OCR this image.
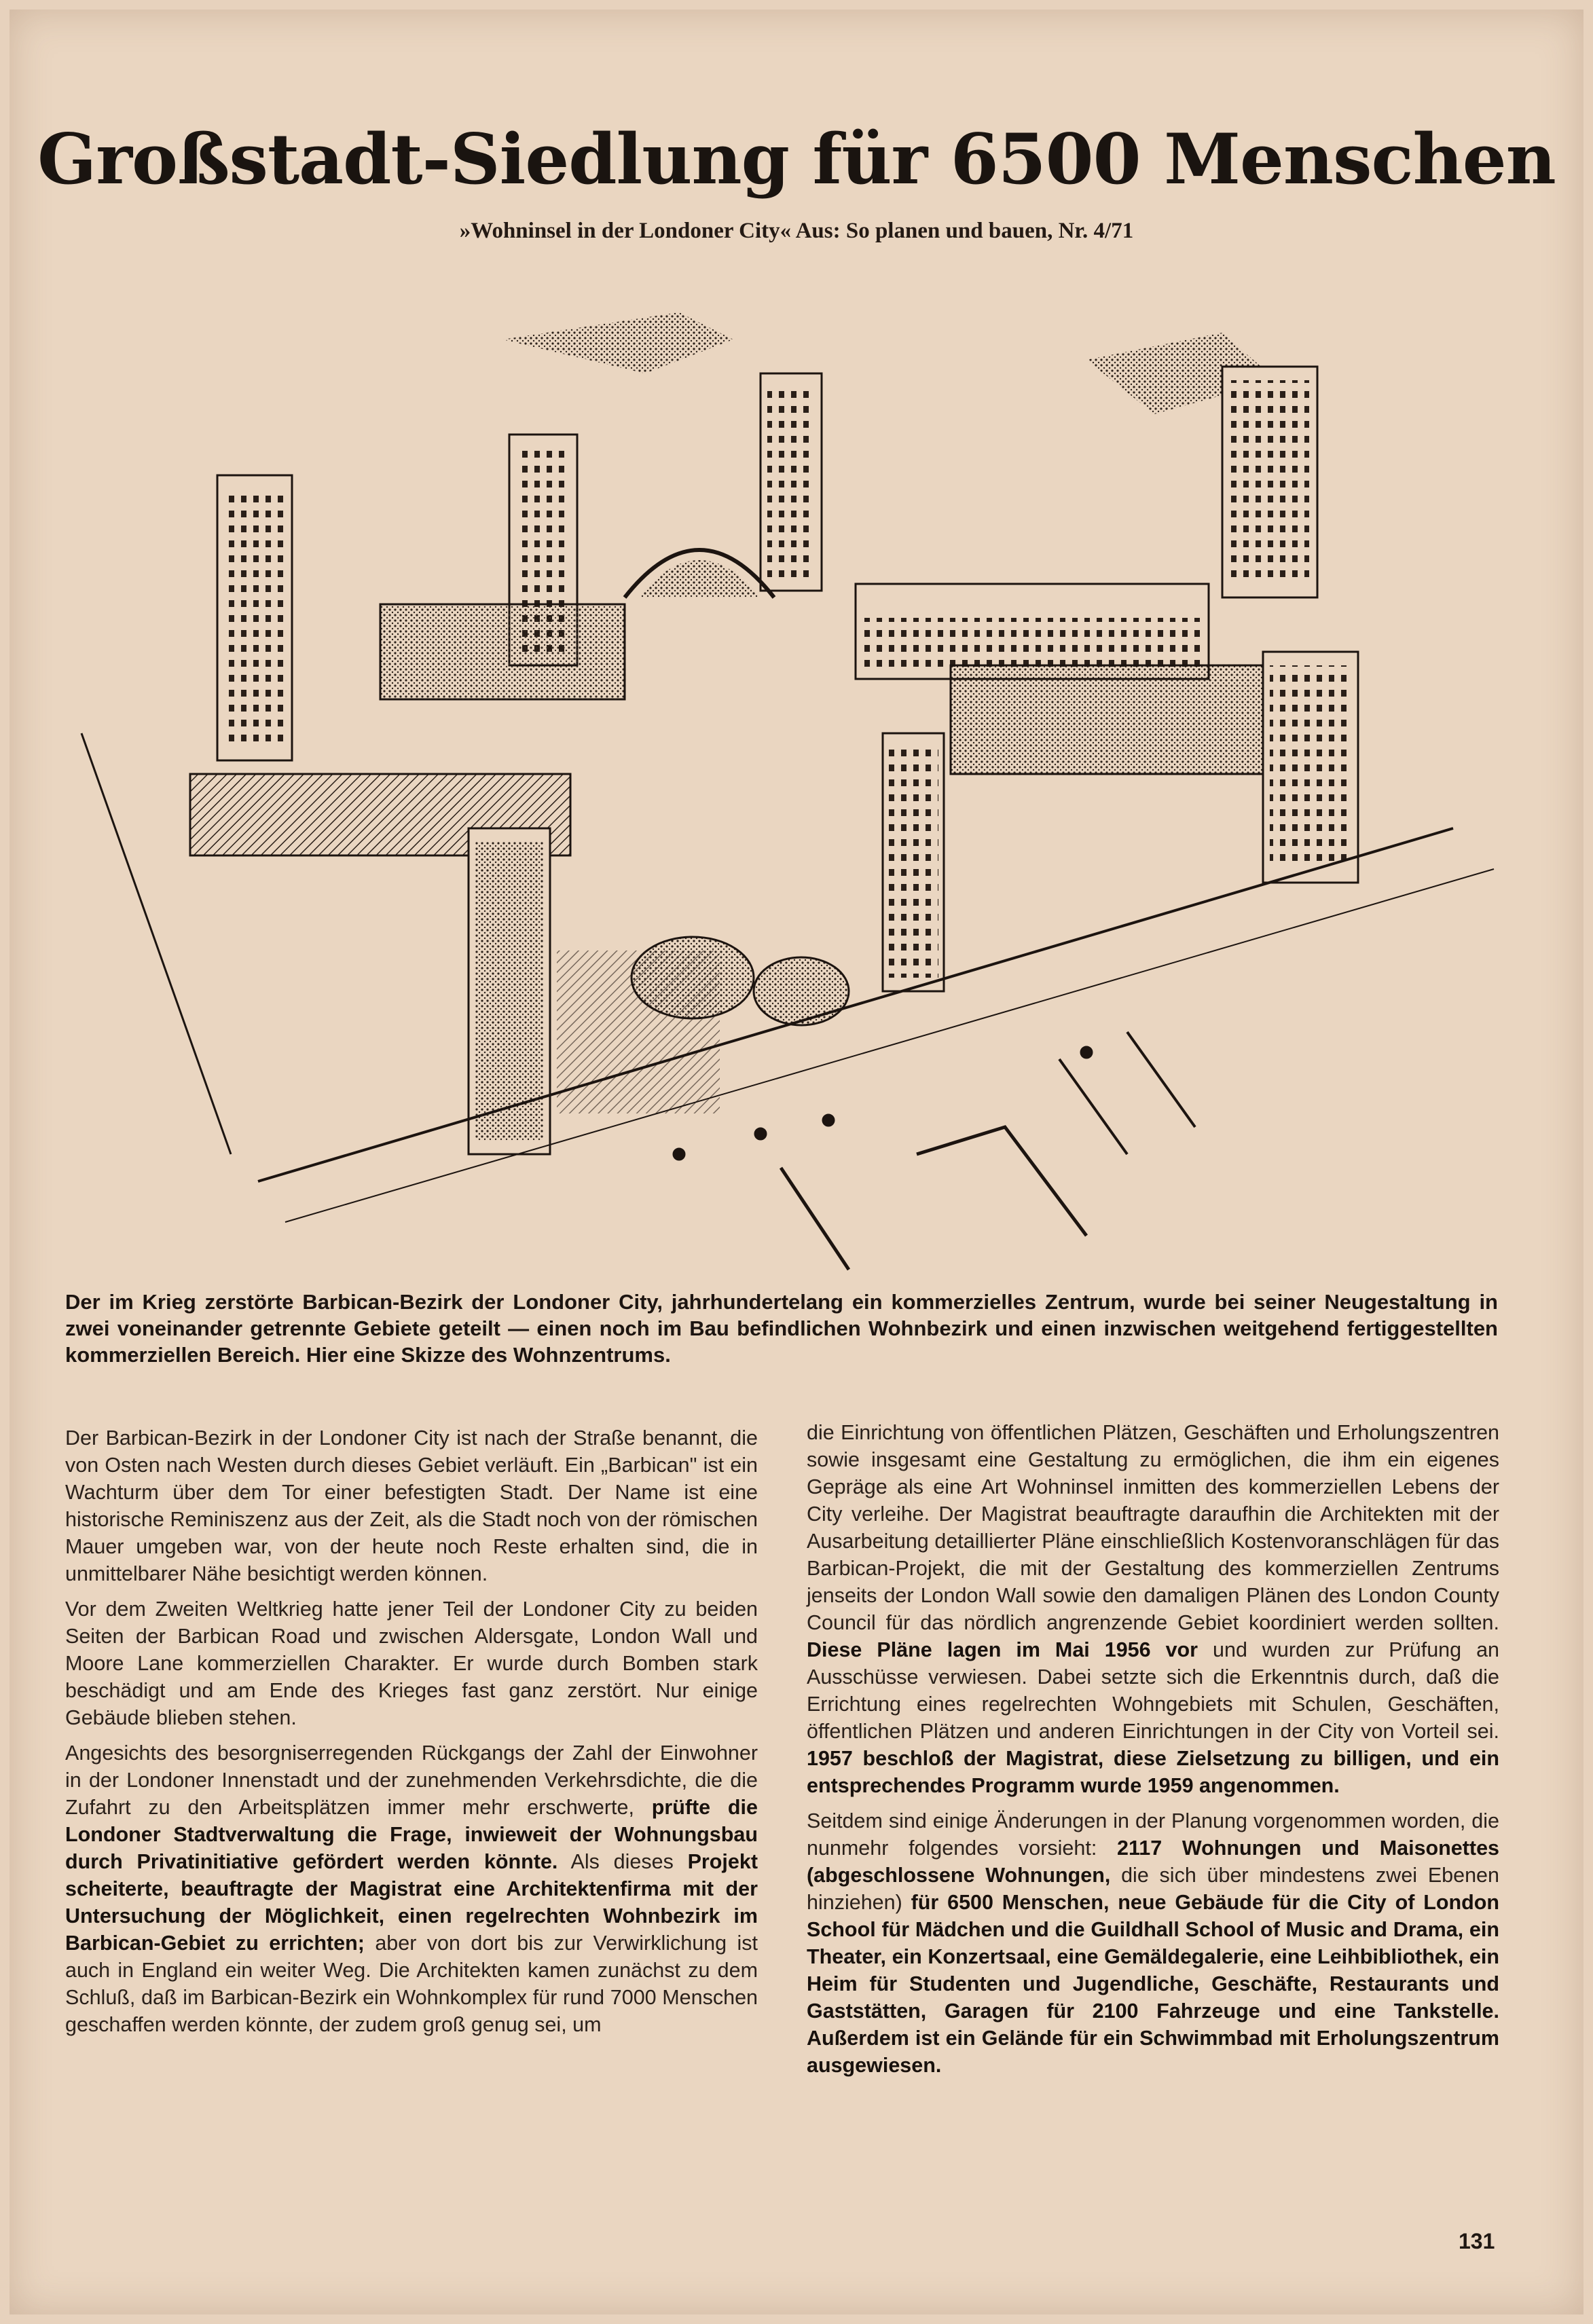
Großstadt-Siedlung für 6500 Menschen
»Wohninsel in der Londoner City« Aus: So planen und bauen, Nr. 4/71
Der im Krieg zerstörte Barbican-Bezirk der Londoner City, jahrhundertelang ein kommerzielles Zentrum, wurde bei seiner Neugestaltung in zwei voneinander getrennte Gebiete geteilt — einen noch im Bau befindlichen Wohnbezirk und einen inzwischen weitgehend fertiggestellten kommerziellen Bereich. Hier eine Skizze des Wohnzentrums.

Der Barbican-Bezirk in der Londoner City ist nach der Straße benannt, die von Osten nach Westen durch dieses Gebiet verläuft. Ein „Barbican" ist ein Wachturm über dem Tor einer befestigten Stadt. Der Name ist eine historische Reminiszenz aus der Zeit, als die Stadt noch von der römischen Mauer umgeben war, von der heute noch Reste erhalten sind, die in unmittelbarer Nähe besichtigt werden können.

Vor dem Zweiten Weltkrieg hatte jener Teil der Londoner City zu beiden Seiten der Barbican Road und zwischen Aldersgate, London Wall und Moore Lane kommerziellen Charakter. Er wurde durch Bomben stark beschädigt und am Ende des Krieges fast ganz zerstört. Nur einige Gebäude blieben stehen.

Angesichts des besorgniserregenden Rückgangs der Zahl der Einwohner in der Londoner Innenstadt und der zunehmenden Verkehrsdichte, die die Zufahrt zu den Arbeitsplätzen immer mehr erschwerte, prüfte die Londoner Stadtverwaltung die Frage, inwieweit der Wohnungsbau durch Privatinitiative gefördert werden könnte. Als dieses Projekt scheiterte, beauftragte der Magistrat eine Architektenfirma mit der Untersuchung der Möglichkeit, einen regelrechten Wohnbezirk im Barbican-Gebiet zu errichten; aber von dort bis zur Verwirklichung ist auch in England ein weiter Weg. Die Architekten kamen zunächst zu dem Schluß, daß im Barbican-Bezirk ein Wohnkomplex für rund 7000 Menschen geschaffen werden könnte, der zudem groß genug sei, um

die Einrichtung von öffentlichen Plätzen, Geschäften und Erholungszentren sowie insgesamt eine Gestaltung zu ermöglichen, die ihm ein eigenes Gepräge als eine Art Wohninsel inmitten des kommerziellen Lebens der City verleihe. Der Magistrat beauftragte daraufhin die Architekten mit der Ausarbeitung detaillierter Pläne einschließlich Kostenvoranschlägen für das Barbican-Projekt, die mit der Gestaltung des kommerziellen Zentrums jenseits der London Wall sowie den damaligen Plänen des London County Council für das nördlich angrenzende Gebiet koordiniert werden sollten. Diese Pläne lagen im Mai 1956 vor und wurden zur Prüfung an Ausschüsse verwiesen. Dabei setzte sich die Erkenntnis durch, daß die Errichtung eines regelrechten Wohngebiets mit Schulen, Geschäften, öffentlichen Plätzen und anderen Einrichtungen in der City von Vorteil sei. 1957 beschloß der Magistrat, diese Zielsetzung zu billigen, und ein entsprechendes Programm wurde 1959 angenommen.

Seitdem sind einige Änderungen in der Planung vorgenommen worden, die nunmehr folgendes vorsieht: 2117 Wohnungen und Maisonettes (abgeschlossene Wohnungen, die sich über mindestens zwei Ebenen hinziehen) für 6500 Menschen, neue Gebäude für die City of London School für Mädchen und die Guildhall School of Music and Drama, ein Theater, ein Konzertsaal, eine Gemäldegalerie, eine Leihbibliothek, ein Heim für Studenten und Jugendliche, Geschäfte, Restaurants und Gaststätten, Garagen für 2100 Fahrzeuge und eine Tankstelle. Außerdem ist ein Gelände für ein Schwimmbad mit Erholungszentrum ausgewiesen.

131
